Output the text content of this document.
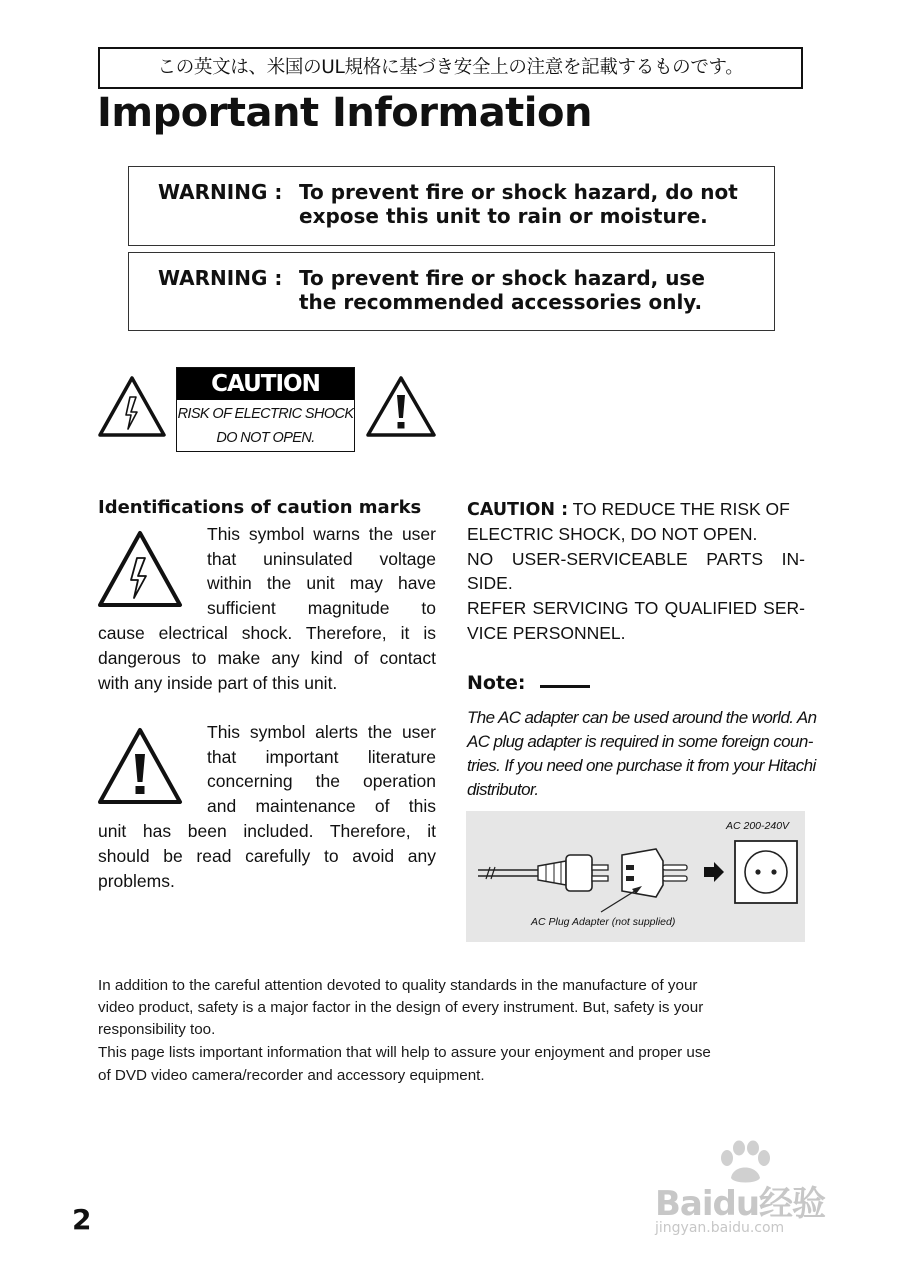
この英文は、米国のUL規格に基づき安全上の注意を記載するものです。
Important Information
WARNING : To prevent fire or shock hazard, do not
expose this unit to rain or moisture.
WARNING : To prevent fire or shock hazard, use
the recommended accessories only.
CAUTION
RISK OF ELECTRIC SHOCK
DO NOT OPEN.
Identifications of caution marks
This symbol warns the user
that uninsulated voltage
within the unit may have
sufficient magnitude to
cause electrical shock. Therefore, it is
dangerous to make any kind of contact
with any inside part of this unit.
This symbol alerts the user
that important literature
concerning the operation
and maintenance of this
unit has been included. Therefore, it
should be read carefully to avoid any
problems.
CAUTION : TO REDUCE THE RISK OF
ELECTRIC SHOCK, DO NOT OPEN.
NO USER-SERVICEABLE PARTS IN-
SIDE.
REFER SERVICING TO QUALIFIED SER-
VICE PERSONNEL.
Note:
The AC adapter can be used around the world. An
AC plug adapter is required in some foreign coun-
tries. If you need one purchase it from your Hitachi
distributor.
AC 200-240V
AC Plug Adapter (not supplied)
In addition to the careful attention devoted to quality standards in the manufacture of your
video product, safety is a major factor in the design of every instrument. But, safety is your
responsibility too.
This page lists important information that will help to assure your enjoyment and proper use
of DVD video camera/recorder and accessory equipment.
2	Baidu经验
jingyan.baidu.com
